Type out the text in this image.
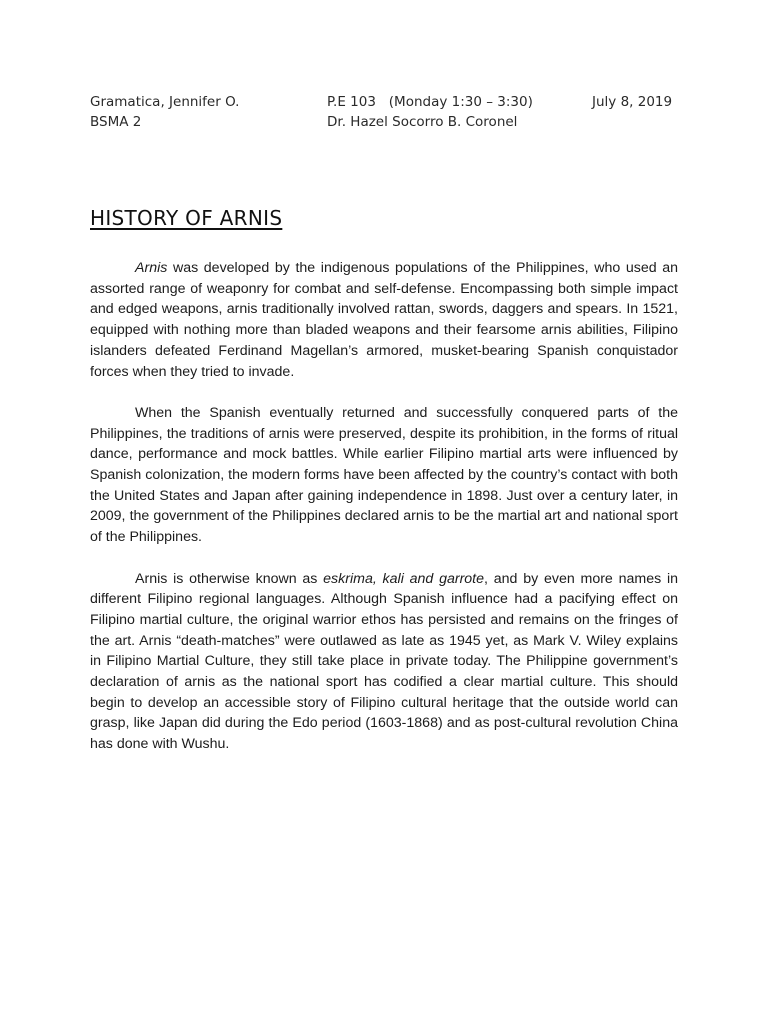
Gramatica, Jennifer O.
BSMA 2
P.E 103   (Monday 1:30 – 3:30)
Dr. Hazel Socorro B. Coronel
July 8, 2019
HISTORY OF ARNIS

Arnis was developed by the indigenous populations of the Philippines, who used an assorted range of weaponry for combat and self-defense. Encompassing both simple impact and edged weapons, arnis traditionally involved rattan, swords, daggers and spears. In 1521, equipped with nothing more than bladed weapons and their fearsome arnis abilities, Filipino islanders defeated Ferdinand Magellan’s armored, musket-bearing Spanish conquistador forces when they tried to invade.

When the Spanish eventually returned and successfully conquered parts of the Philippines, the traditions of arnis were preserved, despite its prohibition, in the forms of ritual dance, performance and mock battles. While earlier Filipino martial arts were influenced by Spanish colonization, the modern forms have been affected by the country’s contact with both the United States and Japan after gaining independence in 1898. Just over a century later, in 2009, the government of the Philippines declared arnis to be the martial art and national sport of the Philippines.

Arnis is otherwise known as eskrima, kali and garrote, and by even more names in different Filipino regional languages. Although Spanish influence had a pacifying effect on Filipino martial culture, the original warrior ethos has persisted and remains on the fringes of the art. Arnis “death-matches” were outlawed as late as 1945 yet, as Mark V. Wiley explains in Filipino Martial Culture, they still take place in private today. The Philippine government’s declaration of arnis as the national sport has codified a clear martial culture. This should begin to develop an accessible story of Filipino cultural heritage that the outside world can grasp, like Japan did during the Edo period (1603-1868) and as post-cultural revolution China has done with Wushu.
